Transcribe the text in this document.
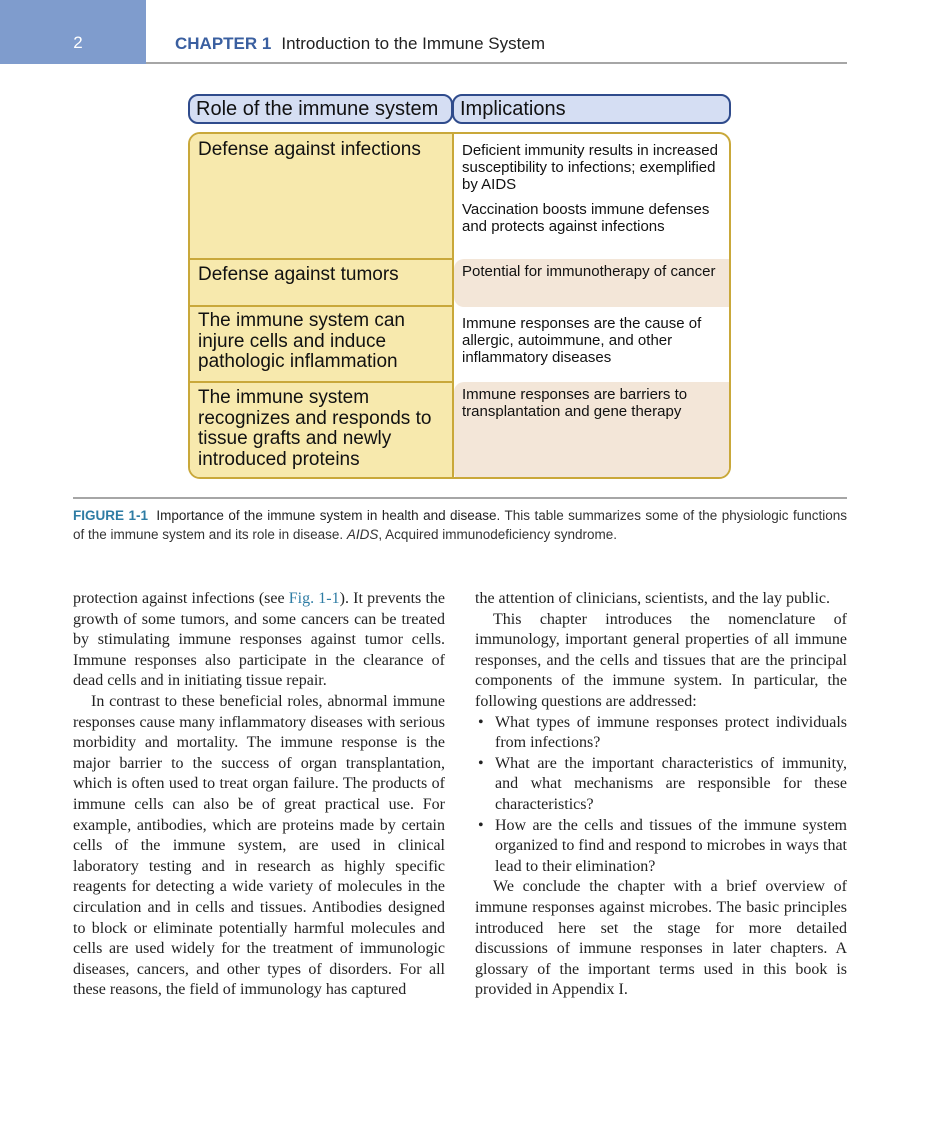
2	CHAPTER 1 Introduction to the Immune System
Role of the immune system	Implications
Defense against infections
Defense against tumors
The immune system can injure cells and induce pathologic inflammation
The immune system recognizes and responds to tissue grafts and newly introduced proteins
Deficient immunity results in increased susceptibility to infections; exemplified by AIDS
Vaccination boosts immune defenses and protects against infections
Potential for immunotherapy of cancer
Immune responses are the cause of allergic, autoimmune, and other inflammatory diseases
Immune responses are barriers to transplantation and gene therapy
FIGURE 1-1 Importance of the immune system in health and disease. This table summarizes some of the physiologic functions of the immune system and its role in disease. AIDS, Acquired immunodeficiency syndrome.

protection against infections (see Fig. 1-1). It prevents the growth of some tumors, and some cancers can be treated by stimulating immune responses against tumor cells. Immune responses also participate in the clearance of dead cells and in initiating tissue repair.

In contrast to these beneficial roles, abnormal immune responses cause many inflammatory diseases with serious morbidity and mortality. The immune response is the major barrier to the success of organ transplantation, which is often used to treat organ failure. The products of immune cells can also be of great practical use. For example, antibodies, which are proteins made by certain cells of the immune system, are used in clinical laboratory testing and in research as highly specific reagents for detecting a wide variety of molecules in the circulation and in cells and tissues. Antibodies designed to block or eliminate potentially harmful molecules and cells are used widely for the treatment of immunologic diseases, cancers, and other types of disorders. For all these reasons, the field of immunology has captured

the attention of clinicians, scientists, and the lay public.

This chapter introduces the nomenclature of immunology, important general properties of all immune responses, and the cells and tissues that are the principal components of the immune system. In particular, the following questions are addressed:

• What types of immune responses protect individuals from infections?
• What are the important characteristics of immunity, and what mechanisms are responsible for these characteristics?
• How are the cells and tissues of the immune system organized to find and respond to microbes in ways that lead to their elimination?

We conclude the chapter with a brief overview of immune responses against microbes. The basic principles introduced here set the stage for more detailed discussions of immune responses in later chapters. A glossary of the important terms used in this book is provided in Appendix I.
